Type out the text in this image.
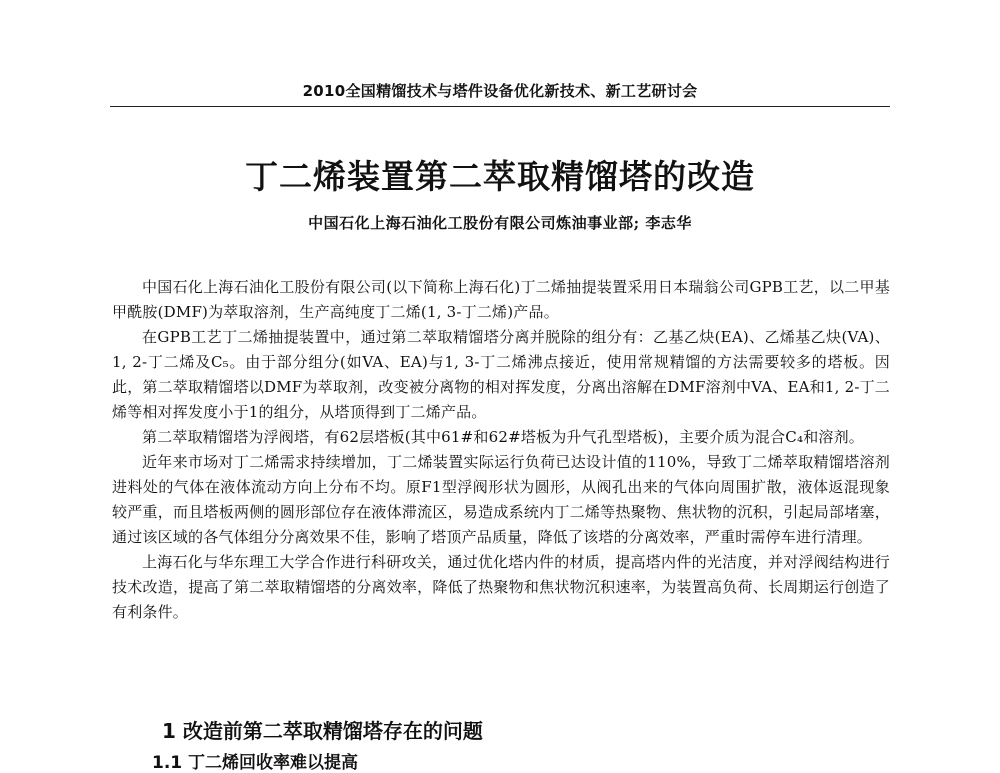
2010全国精馏技术与塔件设备优化新技术、新工艺研讨会
丁二烯装置第二萃取精馏塔的改造
中国石化上海石油化工股份有限公司炼油事业部; 李志华

中国石化上海石油化工股份有限公司(以下简称上海石化)丁二烯抽提装置采用日本瑞翁公司GPB工艺，以二甲基甲酰胺(DMF)为萃取溶剂，生产高纯度丁二烯(1, 3-丁二烯)产品。

在GPB工艺丁二烯抽提装置中，通过第二萃取精馏塔分离并脱除的组分有：乙基乙炔(EA)、乙烯基乙炔(VA)、1, 2-丁二烯及C₅。由于部分组分(如VA、EA)与1, 3-丁二烯沸点接近，使用常规精馏的方法需要较多的塔板。因此，第二萃取精馏塔以DMF为萃取剂，改变被分离物的相对挥发度，分离出溶解在DMF溶剂中VA、EA和1, 2-丁二烯等相对挥发度小于1的组分，从塔顶得到丁二烯产品。

第二萃取精馏塔为浮阀塔，有62层塔板(其中61#和62#塔板为升气孔型塔板)，主要介质为混合C₄和溶剂。

近年来市场对丁二烯需求持续增加，丁二烯装置实际运行负荷已达设计值的110%，导致丁二烯萃取精馏塔溶剂进料处的气体在液体流动方向上分布不均。原F1型浮阀形状为圆形，从阀孔出来的气体向周围扩散，液体返混现象较严重，而且塔板两侧的圆形部位存在液体滞流区，易造成系统内丁二烯等热聚物、焦状物的沉积，引起局部堵塞，通过该区域的各气体组分分离效果不佳，影响了塔顶产品质量，降低了该塔的分离效率，严重时需停车进行清理。

上海石化与华东理工大学合作进行科研攻关，通过优化塔内件的材质，提高塔内件的光洁度，并对浮阀结构进行技术改造，提高了第二萃取精馏塔的分离效率，降低了热聚物和焦状物沉积速率，为装置高负荷、长周期运行创造了有利条件。

1 改造前第二萃取精馏塔存在的问题
1.1 丁二烯回收率难以提高
